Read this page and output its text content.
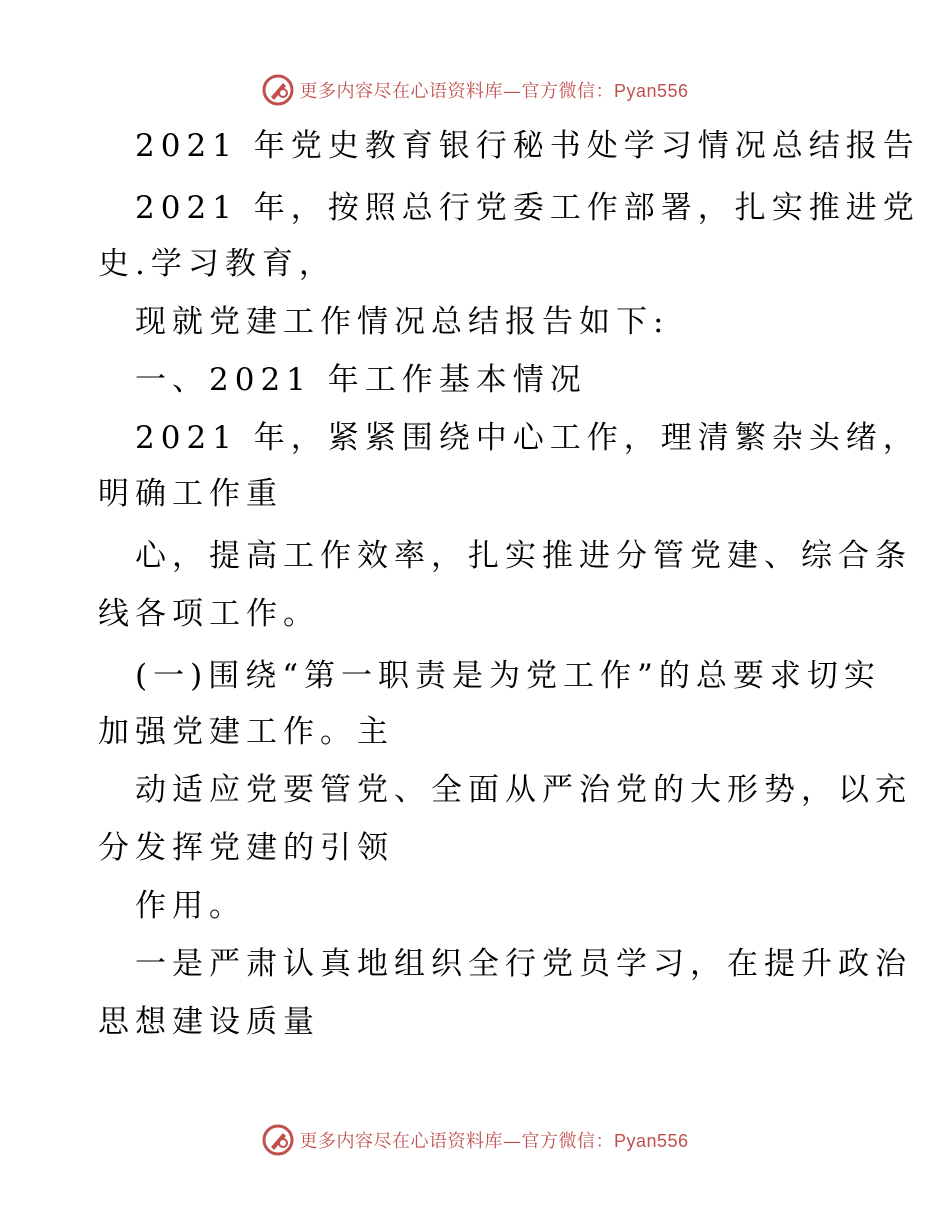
更多内容尽在心语资料库—官方微信：Pyan556
2021 年党史教育银行秘书处学习情况总结报告
2021 年，按照总行党委工作部署，扎实推进党
史.学习教育，
现就党建工作情况总结报告如下:
一、2021 年工作基本情况
2021 年，紧紧围绕中心工作，理清繁杂头绪，
明确工作重
心，提高工作效率，扎实推进分管党建、综合条
线各项工作。
(一)围绕“第一职责是为党工作”的总要求切实
加强党建工作。主
动适应党要管党、全面从严治党的大形势，以充
分发挥党建的引领
作用。
一是严肃认真地组织全行党员学习，在提升政治
思想建设质量
更多内容尽在心语资料库—官方微信：Pyan556
